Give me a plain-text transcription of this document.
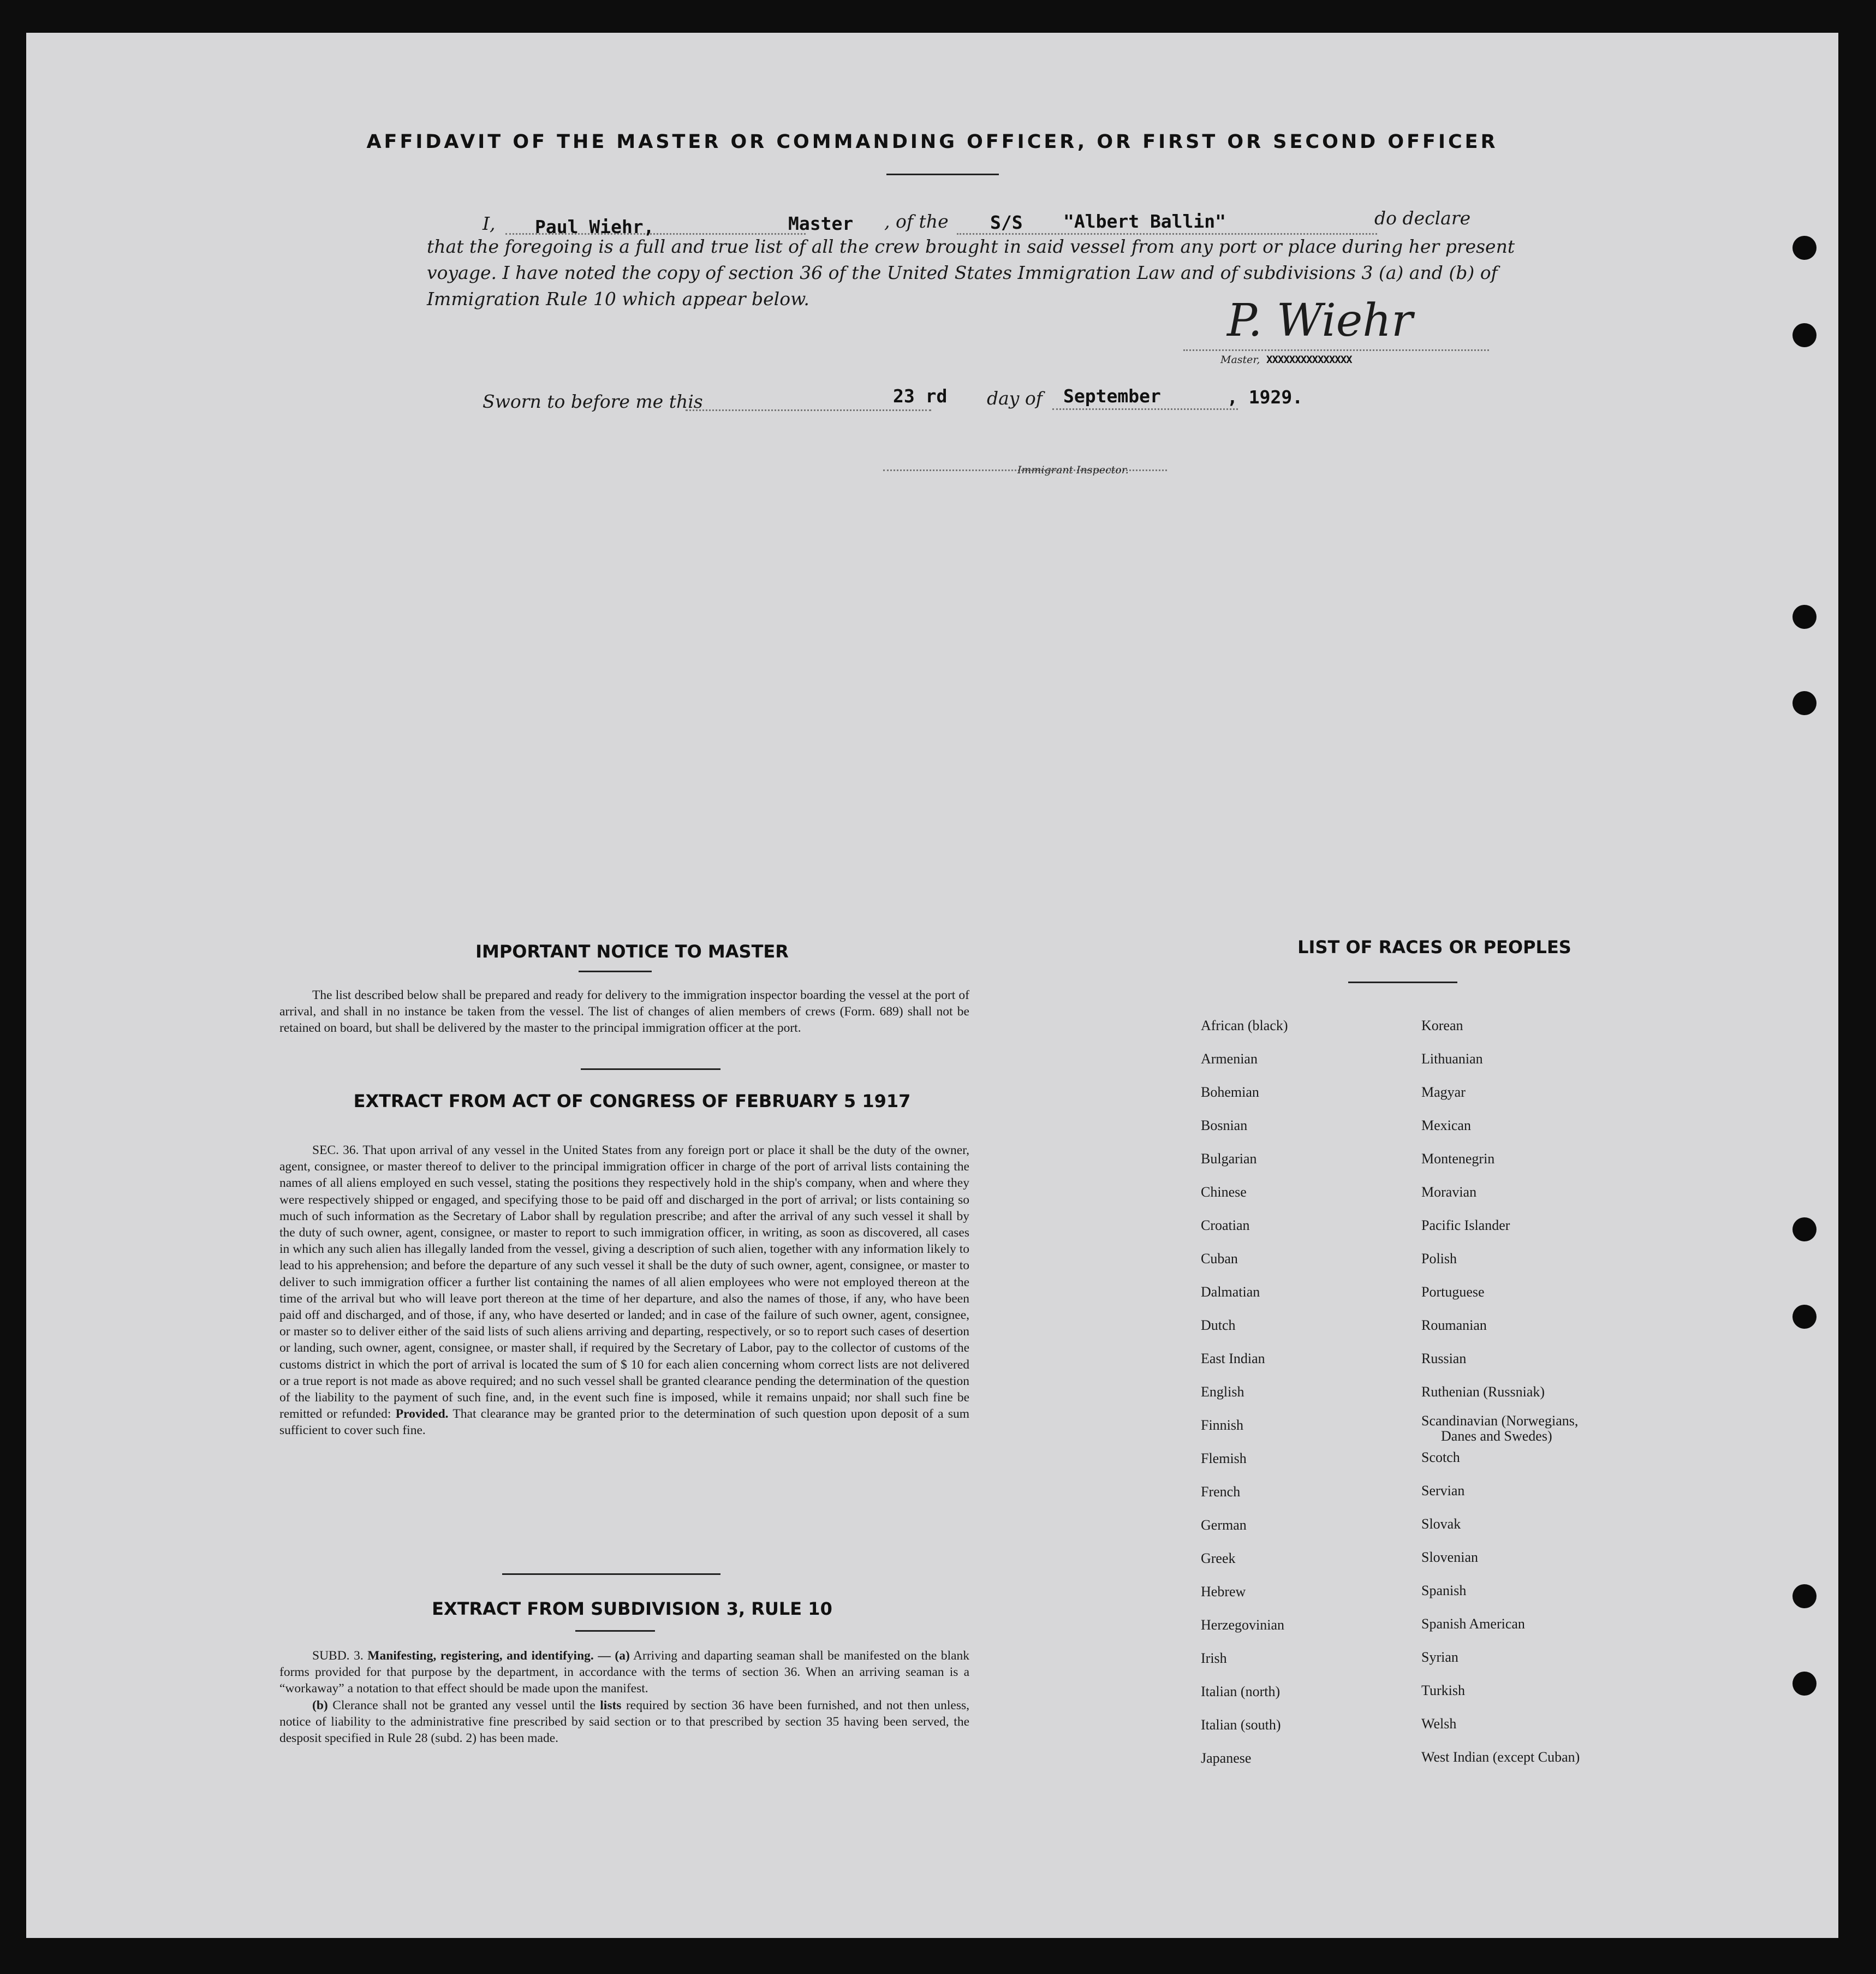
AFFIDAVIT OF THE MASTER OR COMMANDING OFFICER, OR FIRST OR SECOND OFFICER
I, Paul Wiehr,	Master , of the S/S "Albert Ballin"	do declare
that the foregoing is a full and true list of all the crew brought in said vessel from any port or place during her present
voyage. I have noted the copy of section 36 of the United States Immigration Law and of subdivisions 3 (a) and (b) of
Immigration Rule 10 which appear below.	P. Wiehr
Master, XXXXXXXXXXXXXXX
Sworn to before me this	23 rd day of September	, 1929.
Immigrant Inspector.
IMPORTANT NOTICE TO MASTER

The list described below shall be prepared and ready for delivery to the immigration inspector boarding the vessel at the port of arrival, and shall in no instance be taken from the vessel. The list of changes of alien members of crews (Form. 689) shall not be retained on board, but shall be delivered by the master to the principal immigration officer at the port.

EXTRACT FROM ACT OF CONGRESS OF FEBRUARY 5 1917

SEC. 36. That upon arrival of any vessel in the United States from any foreign port or place it shall be the duty of the owner, agent, consignee, or master thereof to deliver to the principal immigration officer in charge of the port of arrival lists containing the names of all aliens employed en such vessel, stating the positions they respectively hold in the ship's company, when and where they were respectively shipped or engaged, and specifying those to be paid off and discharged in the port of arrival; or lists containing so much of such information as the Secretary of Labor shall by regulation prescribe; and after the arrival of any such vessel it shall by the duty of such owner, agent, consignee, or master to report to such immigration officer, in writing, as soon as discovered, all cases in which any such alien has illegally landed from the vessel, giving a description of such alien, together with any information likely to lead to his apprehension; and before the departure of any such vessel it shall be the duty of such owner, agent, consignee, or master to deliver to such immigration officer a further list containing the names of all alien employees who were not employed thereon at the time of the arrival but who will leave port thereon at the time of her departure, and also the names of those, if any, who have been paid off and discharged, and of those, if any, who have deserted or landed; and in case of the failure of such owner, agent, consignee, or master so to deliver either of the said lists of such aliens arriving and departing, respectively, or so to report such cases of desertion or landing, such owner, agent, consignee, or master shall, if required by the Secretary of Labor, pay to the collector of customs of the customs district in which the port of arrival is located the sum of $ 10 for each alien concerning whom correct lists are not delivered or a true report is not made as above required; and no such vessel shall be granted clearance pending the determination of the question of the liability to the payment of such fine, and, in the event such fine is imposed, while it remains unpaid; nor shall such fine be remitted or refunded: Provided. That clearance may be granted prior to the determination of such question upon deposit of a sum sufficient to cover such fine.

EXTRACT FROM SUBDIVISION 3, RULE 10

SUBD. 3. Manifesting, registering, and identifying. — (a) Arriving and daparting seaman shall be manifested on the blank forms provided for that purpose by the department, in accordance with the terms of section 36. When an arriving seaman is a “workaway” a notation to that effect should be made upon the manifest.

(b) Clerance shall not be granted any vessel until the lists required by section 36 have been furnished, and not then unless, notice of liability to the administrative fine prescribed by said section or to that prescribed by section 35 having been served, the desposit specified in Rule 28 (subd. 2) has been made.

LIST OF RACES OR PEOPLES
African (black)
Armenian
Bohemian
Bosnian
Bulgarian
Chinese
Croatian
Cuban
Dalmatian
Dutch
East Indian
English
Finnish
Flemish
French
German
Greek
Hebrew
Herzegovinian
Irish
Italian (north)
Italian (south)
Japanese
Korean
Lithuanian
Magyar
Mexican
Montenegrin
Moravian
Pacific Islander
Polish
Portuguese
Roumanian
Russian
Ruthenian (Russniak)
Scandinavian (Norwegians,
Danes and Swedes)
Scotch
Servian
Slovak
Slovenian
Spanish
Spanish American
Syrian
Turkish
Welsh
West Indian (except Cuban)
